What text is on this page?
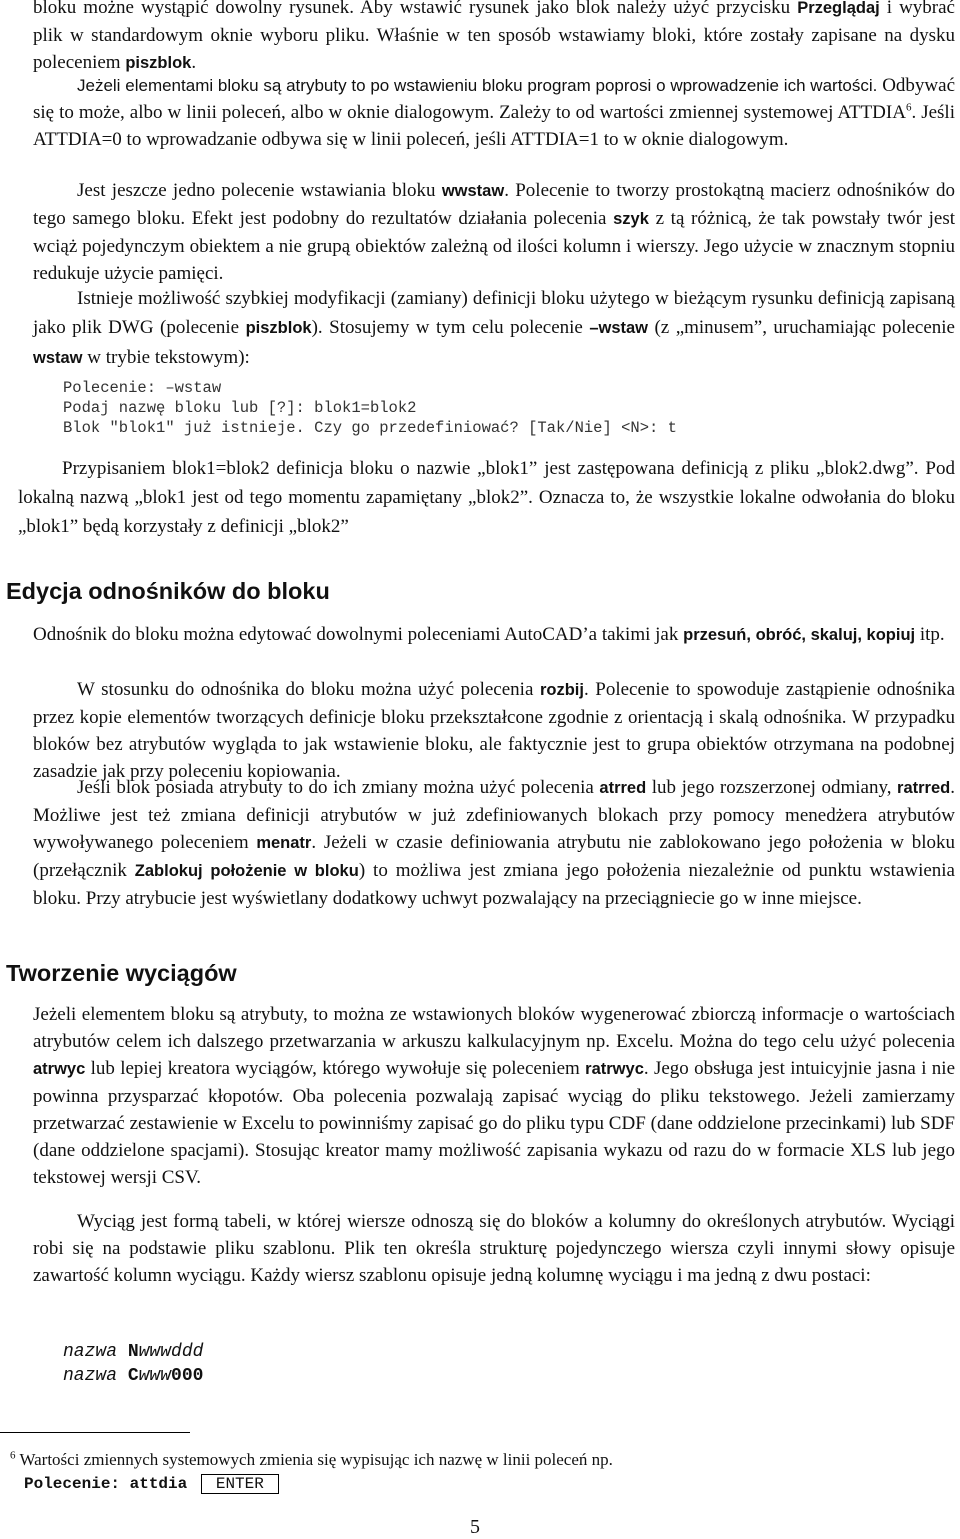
bloku możne wystąpić dowolny rysunek. Aby wstawić rysunek jako blok należy użyć przycisku Przeglądaj i wybrać plik w standardowym oknie wyboru pliku. Właśnie w ten sposób wstawiamy bloki, które zostały zapisane na dysku poleceniem piszblok.
Jeżeli elementami bloku są atrybuty to po wstawieniu bloku program poprosi o wprowadzenie ich wartości. Odbywać się to może, albo w linii poleceń, albo w oknie dialogowym. Zależy to od wartości zmiennej systemowej ATTDIA$^6$. Jeśli ATTDIA=0 to wprowadzanie odbywa się w linii poleceń, jeśli ATTDIA=1 to w oknie dialogowym.
Jest jeszcze jedno polecenie wstawiania bloku wwstaw. Polecenie to tworzy prostokątną macierz odnośników do tego samego bloku. Efekt jest podobny do rezultatów działania polecenia szyk z tą różnicą, że tak powstały twór jest wciąż pojedynczym obiektem a nie grupą obiektów zależną od ilości kolumn i wierszy. Jego użycie w znacznym stopniu redukuje użycie pamięci.
Istnieje możliwość szybkiej modyfikacji (zamiany) definicji bloku użytego w bieżącym rysunku definicją zapisaną jako plik DWG (polecenie piszblok). Stosujemy w tym celu polecenie –wstaw (z „minusem”, uruchamiając polecenie wstaw w trybie tekstowym):
Polecenie: –wstaw
Podaj nazwę bloku lub [?]: blok1=blok2
Blok "blok1" już istnieje. Czy go przedefiniować? [Tak/Nie] <N>: t
Przypisaniem blok1=blok2 definicja bloku o nazwie „blok1” jest zastępowana definicją z pliku „blok2.dwg”. Pod lokalną nazwą „blok1 jest od tego momentu zapamiętany „blok2”. Oznacza to, że wszystkie lokalne odwołania do bloku „blok1” będą korzystały z definicji „blok2”
Edycja odnośników do bloku
Odnośnik do bloku można edytować dowolnymi poleceniami AutoCAD’a takimi jak przesuń, obróć, skaluj, kopiuj itp.
W stosunku do odnośnika do bloku można użyć polecenia rozbij. Polecenie to spowoduje zastąpienie odnośnika przez kopie elementów tworzących definicje bloku przekształcone zgodnie z orientacją i skalą odnośnika. W przypadku bloków bez atrybutów wygląda to jak wstawienie bloku, ale faktycznie jest to grupa obiektów otrzymana na podobnej zasadzie jak przy poleceniu kopiowania.
Jeśli blok posiada atrybuty to do ich zmiany można użyć polecenia atrred lub jego rozszerzonej odmiany, ratrred. Możliwe jest też zmiana definicji atrybutów w już zdefiniowanych blokach przy pomocy menedżera atrybutów wywoływanego poleceniem menatr. Jeżeli w czasie definiowania atrybutu nie zablokowano jego położenia w bloku (przełącznik Zablokuj położenie w bloku) to możliwa jest zmiana jego położenia niezależnie od punktu wstawienia bloku. Przy atrybucie jest wyświetlany dodatkowy uchwyt pozwalający na przeciągniecie go w inne miejsce.
Tworzenie wyciągów
Jeżeli elementem bloku są atrybuty, to można ze wstawionych bloków wygenerować zbiorczą informacje o wartościach atrybutów celem ich dalszego przetwarzania w arkuszu kalkulacyjnym np. Excelu. Można do tego celu użyć polecenia atrwyc lub lepiej kreatora wyciągów, którego wywołuje się poleceniem ratrwyc. Jego obsługa jest intuicyjnie jasna i nie powinna przysparzać kłopotów. Oba polecenia pozwalają zapisać wyciąg do pliku tekstowego. Jeżeli zamierzamy przetwarzać zestawienie w Excelu to powinniśmy zapisać go do pliku typu CDF (dane oddzielone przecinkami) lub SDF (dane oddzielone spacjami). Stosując kreator mamy możliwość zapisania wykazu od razu do w formacie XLS lub jego tekstowej wersji CSV.
Wyciąg jest formą tabeli, w której wiersze odnoszą się do bloków a kolumny do określonych atrybutów. Wyciągi robi się na podstawie pliku szablonu. Plik ten określa strukturę pojedynczego wiersza czyli innymi słowy opisuje zawartość kolumn wyciągu. Każdy wiersz szablonu opisuje jedną kolumnę wyciągu i ma jedną z dwu postaci:
nazwa Nwwwddd
nazwa Cwww000
$^6$ Wartości zmiennych systemowych zmienia się wypisując ich nazwę w linii poleceń np.
Polecenie: attdia ENTER
5
